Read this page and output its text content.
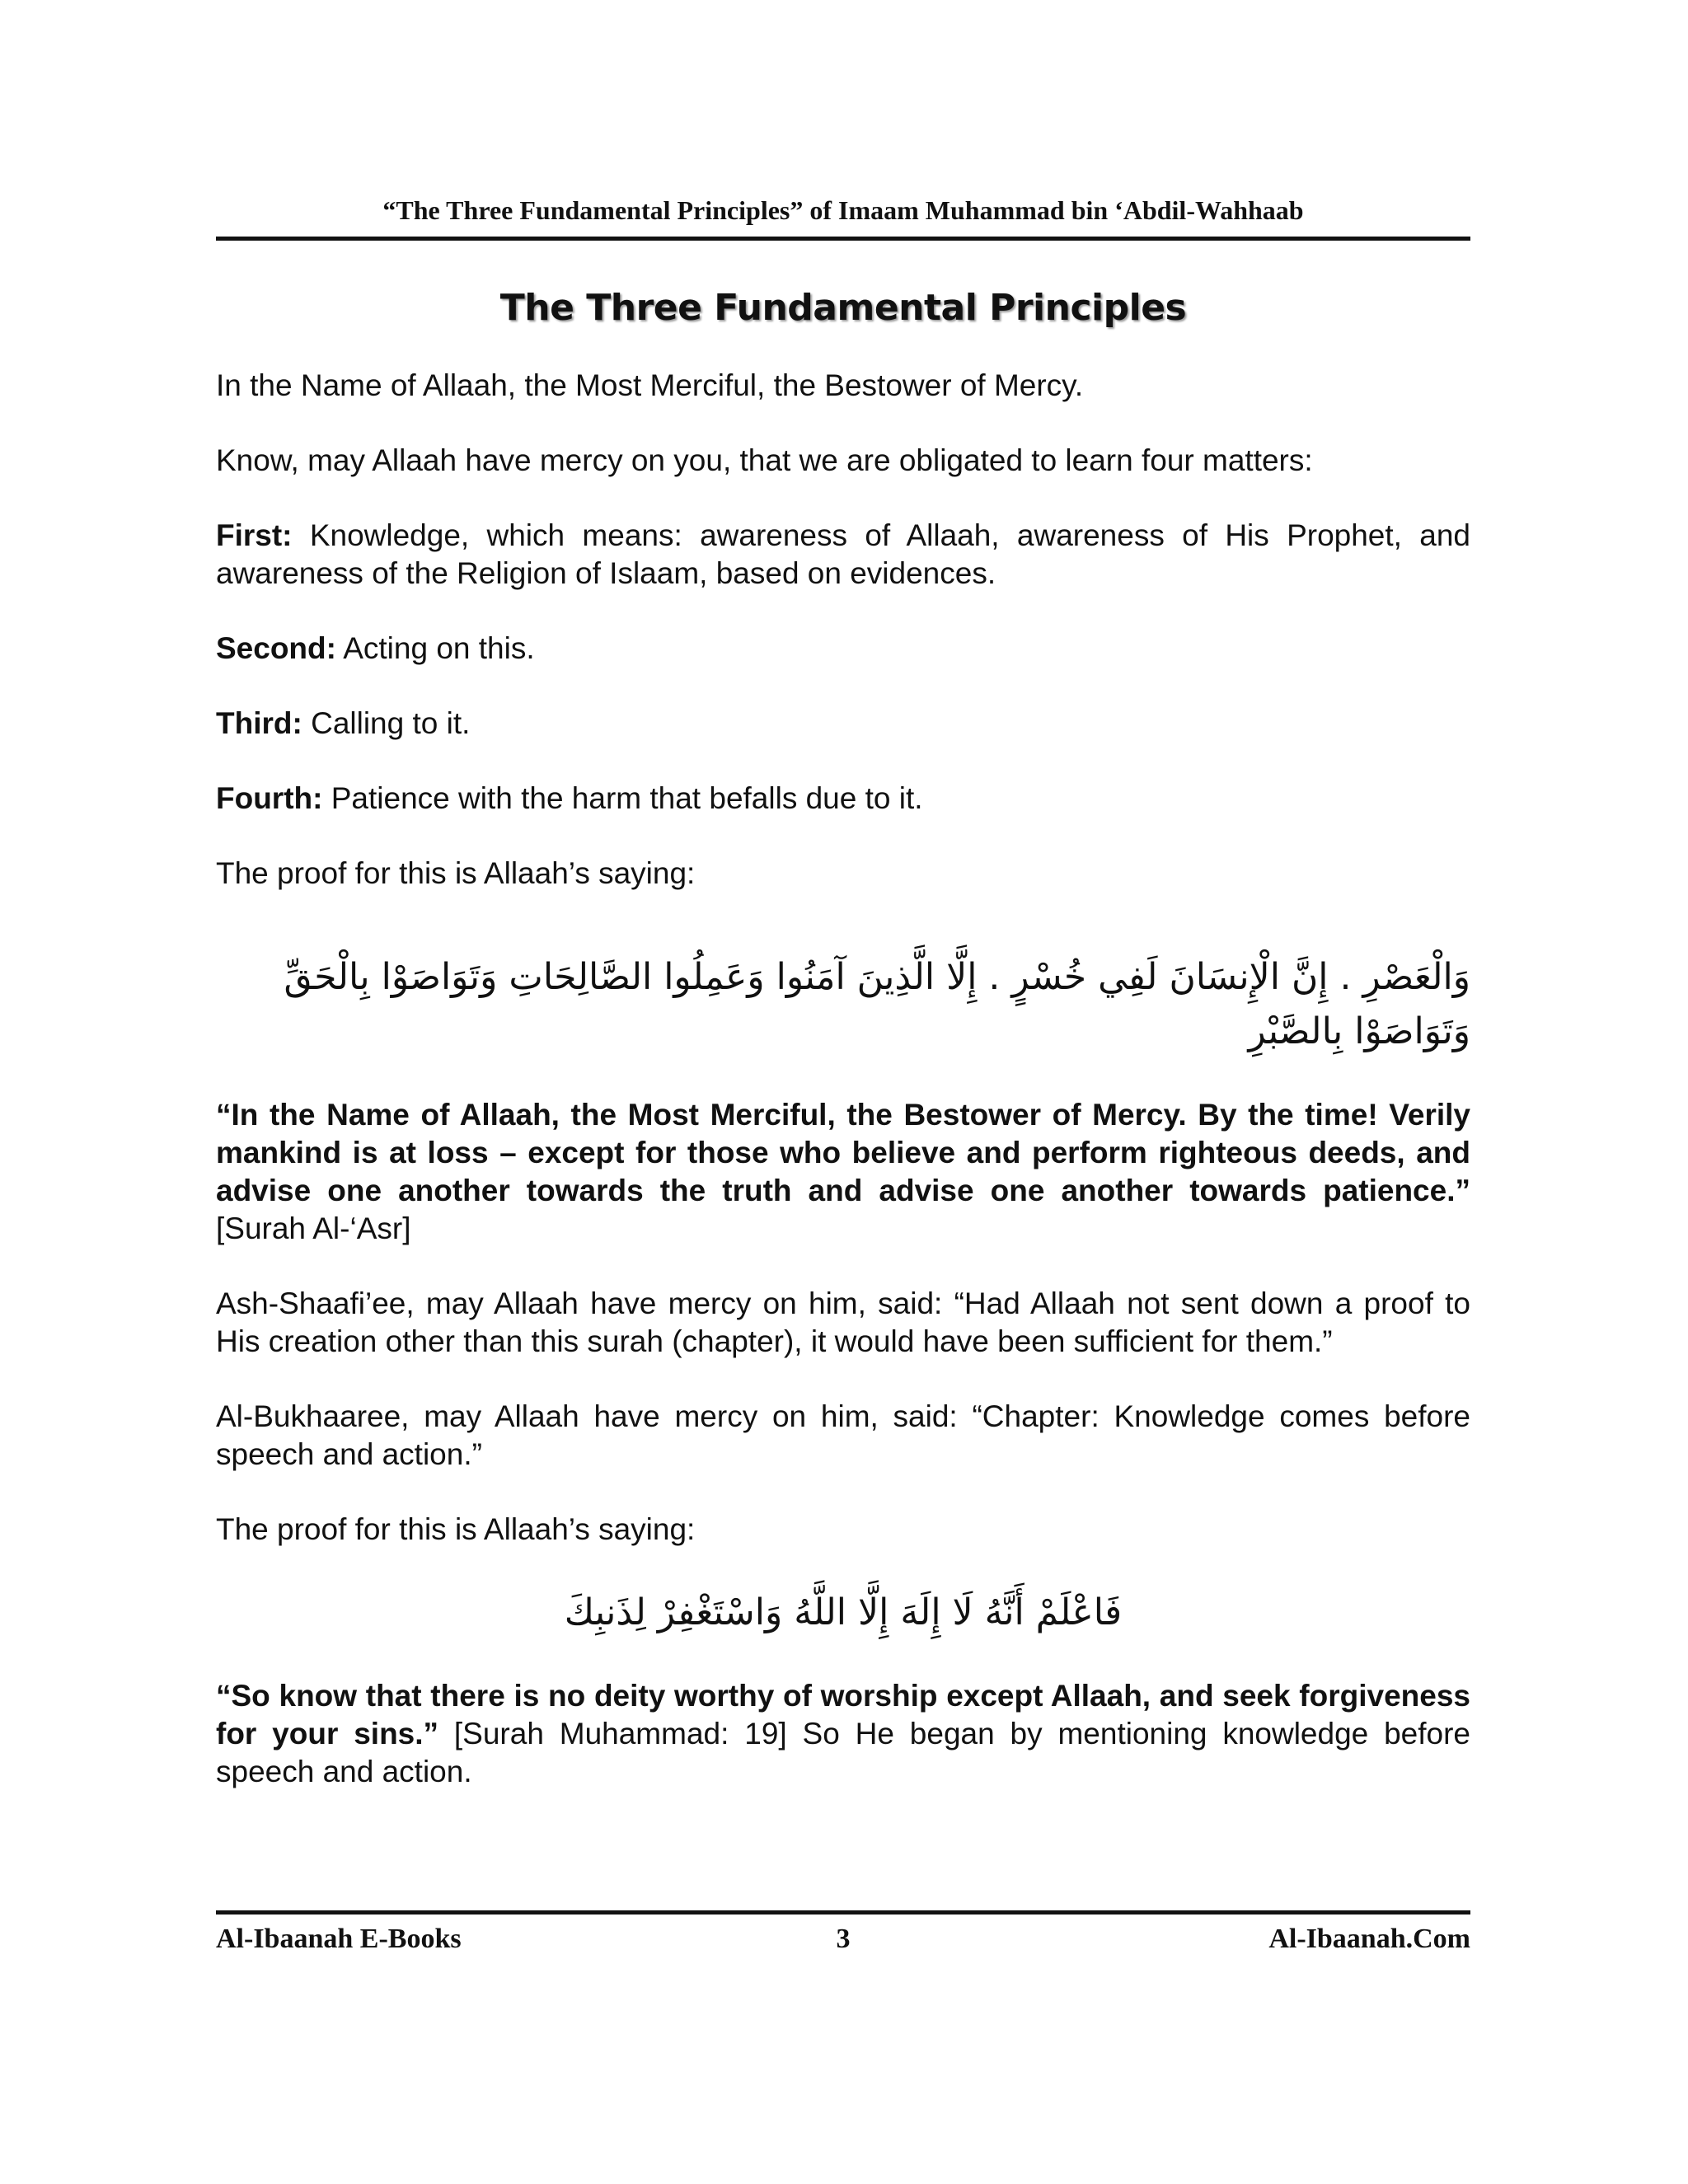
“The Three Fundamental Principles” of Imaam Muhammad bin ‘Abdil-Wahhaab
The Three Fundamental Principles

In the Name of Allaah, the Most Merciful, the Bestower of Mercy.

Know, may Allaah have mercy on you, that we are obligated to learn four matters:

First: Knowledge, which means: awareness of Allaah, awareness of His Prophet, and awareness of the Religion of Islaam, based on evidences.

Second: Acting on this.

Third: Calling to it.

Fourth: Patience with the harm that befalls due to it.

The proof for this is Allaah’s saying:

وَالْعَصْرِ . إِنَّ الْإِنسَانَ لَفِي خُسْرٍ . إِلَّا الَّذِينَ آمَنُوا وَعَمِلُوا الصَّالِحَاتِ وَتَوَاصَوْا بِالْحَقِّ وَتَوَاصَوْا بِالصَّبْرِ

“In the Name of Allaah, the Most Merciful, the Bestower of Mercy. By the time! Verily mankind is at loss – except for those who believe and perform righteous deeds, and advise one another towards the truth and advise one another towards patience.” [Surah Al-‘Asr]

Ash-Shaafi’ee, may Allaah have mercy on him, said: “Had Allaah not sent down a proof to His creation other than this surah (chapter), it would have been sufficient for them.”

Al-Bukhaaree, may Allaah have mercy on him, said: “Chapter: Knowledge comes before speech and action.”

The proof for this is Allaah’s saying:

فَاعْلَمْ أَنَّهُ لَا إِلَهَ إِلَّا اللَّهُ وَاسْتَغْفِرْ لِذَنبِكَ

“So know that there is no deity worthy of worship except Allaah, and seek forgiveness for your sins.” [Surah Muhammad: 19] So He began by mentioning knowledge before speech and action.

Al-Ibaanah E-Books	3	Al-Ibaanah.Com
